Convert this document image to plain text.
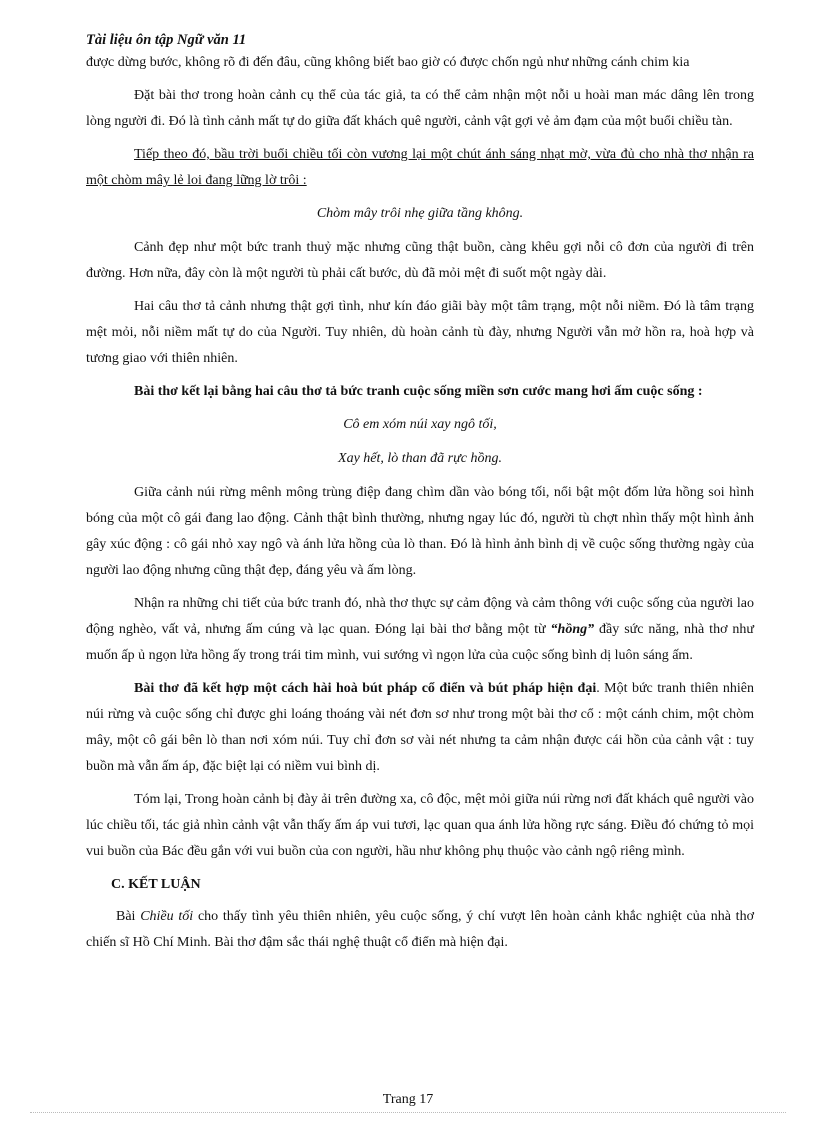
Tài liệu ôn tập Ngữ văn 11

được dừng bước, không rõ đi đến đâu, cũng không biết bao giờ có được chốn ngủ như những cánh chim kia

Đặt bài thơ trong hoàn cảnh cụ thể của tác giả, ta có thể cảm nhận một nỗi u hoài man mác dâng lên trong lòng người đi. Đó là tình cảnh mất tự do giữa đất khách quê người, cảnh vật gợi vẻ ảm đạm của một buổi chiều tàn.

Tiếp theo đó, bầu trời buổi chiều tối còn vương lại một chút ánh sáng nhạt mờ, vừa đủ cho nhà thơ nhận ra một chòm mây lẻ loi đang lững lờ trôi :

Chòm mây trôi nhẹ giữa tầng không.

Cảnh đẹp như một bức tranh thuỷ mặc nhưng cũng thật buồn, càng khêu gợi nỗi cô đơn của người đi trên đường. Hơn nữa, đây còn là một người tù phải cất bước, dù đã mỏi mệt đi suốt một ngày dài.

Hai câu thơ tả cảnh nhưng thật gợi tình, như kín đáo giãi bày một tâm trạng, một nỗi niềm. Đó là tâm trạng mệt mỏi, nỗi niềm mất tự do của Người. Tuy nhiên, dù hoàn cảnh tù đày, nhưng Người vẫn mở hồn ra, hoà hợp và tương giao với thiên nhiên.

Bài thơ kết lại bằng hai câu thơ tả bức tranh cuộc sống miền sơn cước mang hơi ấm cuộc sống :

Cô em xóm núi xay ngô tối,

Xay hết, lò than đã rực hồng.

Giữa cảnh núi rừng mênh mông trùng điệp đang chìm dần vào bóng tối, nổi bật một đốm lửa hồng soi hình bóng của một cô gái đang lao động. Cảnh thật bình thường, nhưng ngay lúc đó, người tù chợt nhìn thấy một hình ảnh gây xúc động : cô gái nhỏ xay ngô và ánh lửa hồng của lò than. Đó là hình ảnh bình dị về cuộc sống thường ngày của người lao động nhưng cũng thật đẹp, đáng yêu và ấm lòng.

Nhận ra những chi tiết của bức tranh đó, nhà thơ thực sự cảm động và cảm thông với cuộc sống của người lao động nghèo, vất vả, nhưng ấm cúng và lạc quan. Đóng lại bài thơ bằng một từ “hồng” đầy sức năng, nhà thơ như muốn ấp ủ ngọn lửa hồng ấy trong trái tim mình, vui sướng vì ngọn lửa của cuộc sống bình dị luôn sáng ấm.

Bài thơ đã kết hợp một cách hài hoà bút pháp cổ điển và bút pháp hiện đại. Một bức tranh thiên nhiên núi rừng và cuộc sống chỉ được ghi loáng thoáng vài nét đơn sơ như trong một bài thơ cổ : một cánh chim, một chòm mây, một cô gái bên lò than nơi xóm núi. Tuy chỉ đơn sơ vài nét nhưng ta cảm nhận được cái hồn của cảnh vật : tuy buồn mà vẫn ấm áp, đặc biệt lại có niềm vui bình dị.

Tóm lại, Trong hoàn cảnh bị đày ải trên đường xa, cô độc, mệt mỏi giữa núi rừng nơi đất khách quê người vào lúc chiều tối, tác giả nhìn cảnh vật vẫn thấy ấm áp vui tươi, lạc quan qua ánh lửa hồng rực sáng. Điều đó chứng tỏ mọi vui buồn của Bác đều gắn với vui buồn của con người, hầu như không phụ thuộc vào cảnh ngộ riêng mình.

C. KẾT LUẬN

Bài Chiều tối cho thấy tình yêu thiên nhiên, yêu cuộc sống, ý chí vượt lên hoàn cảnh khắc nghiệt của nhà thơ chiến sĩ Hồ Chí Minh. Bài thơ đậm sắc thái nghệ thuật cổ điển mà hiện đại.

Trang 17
